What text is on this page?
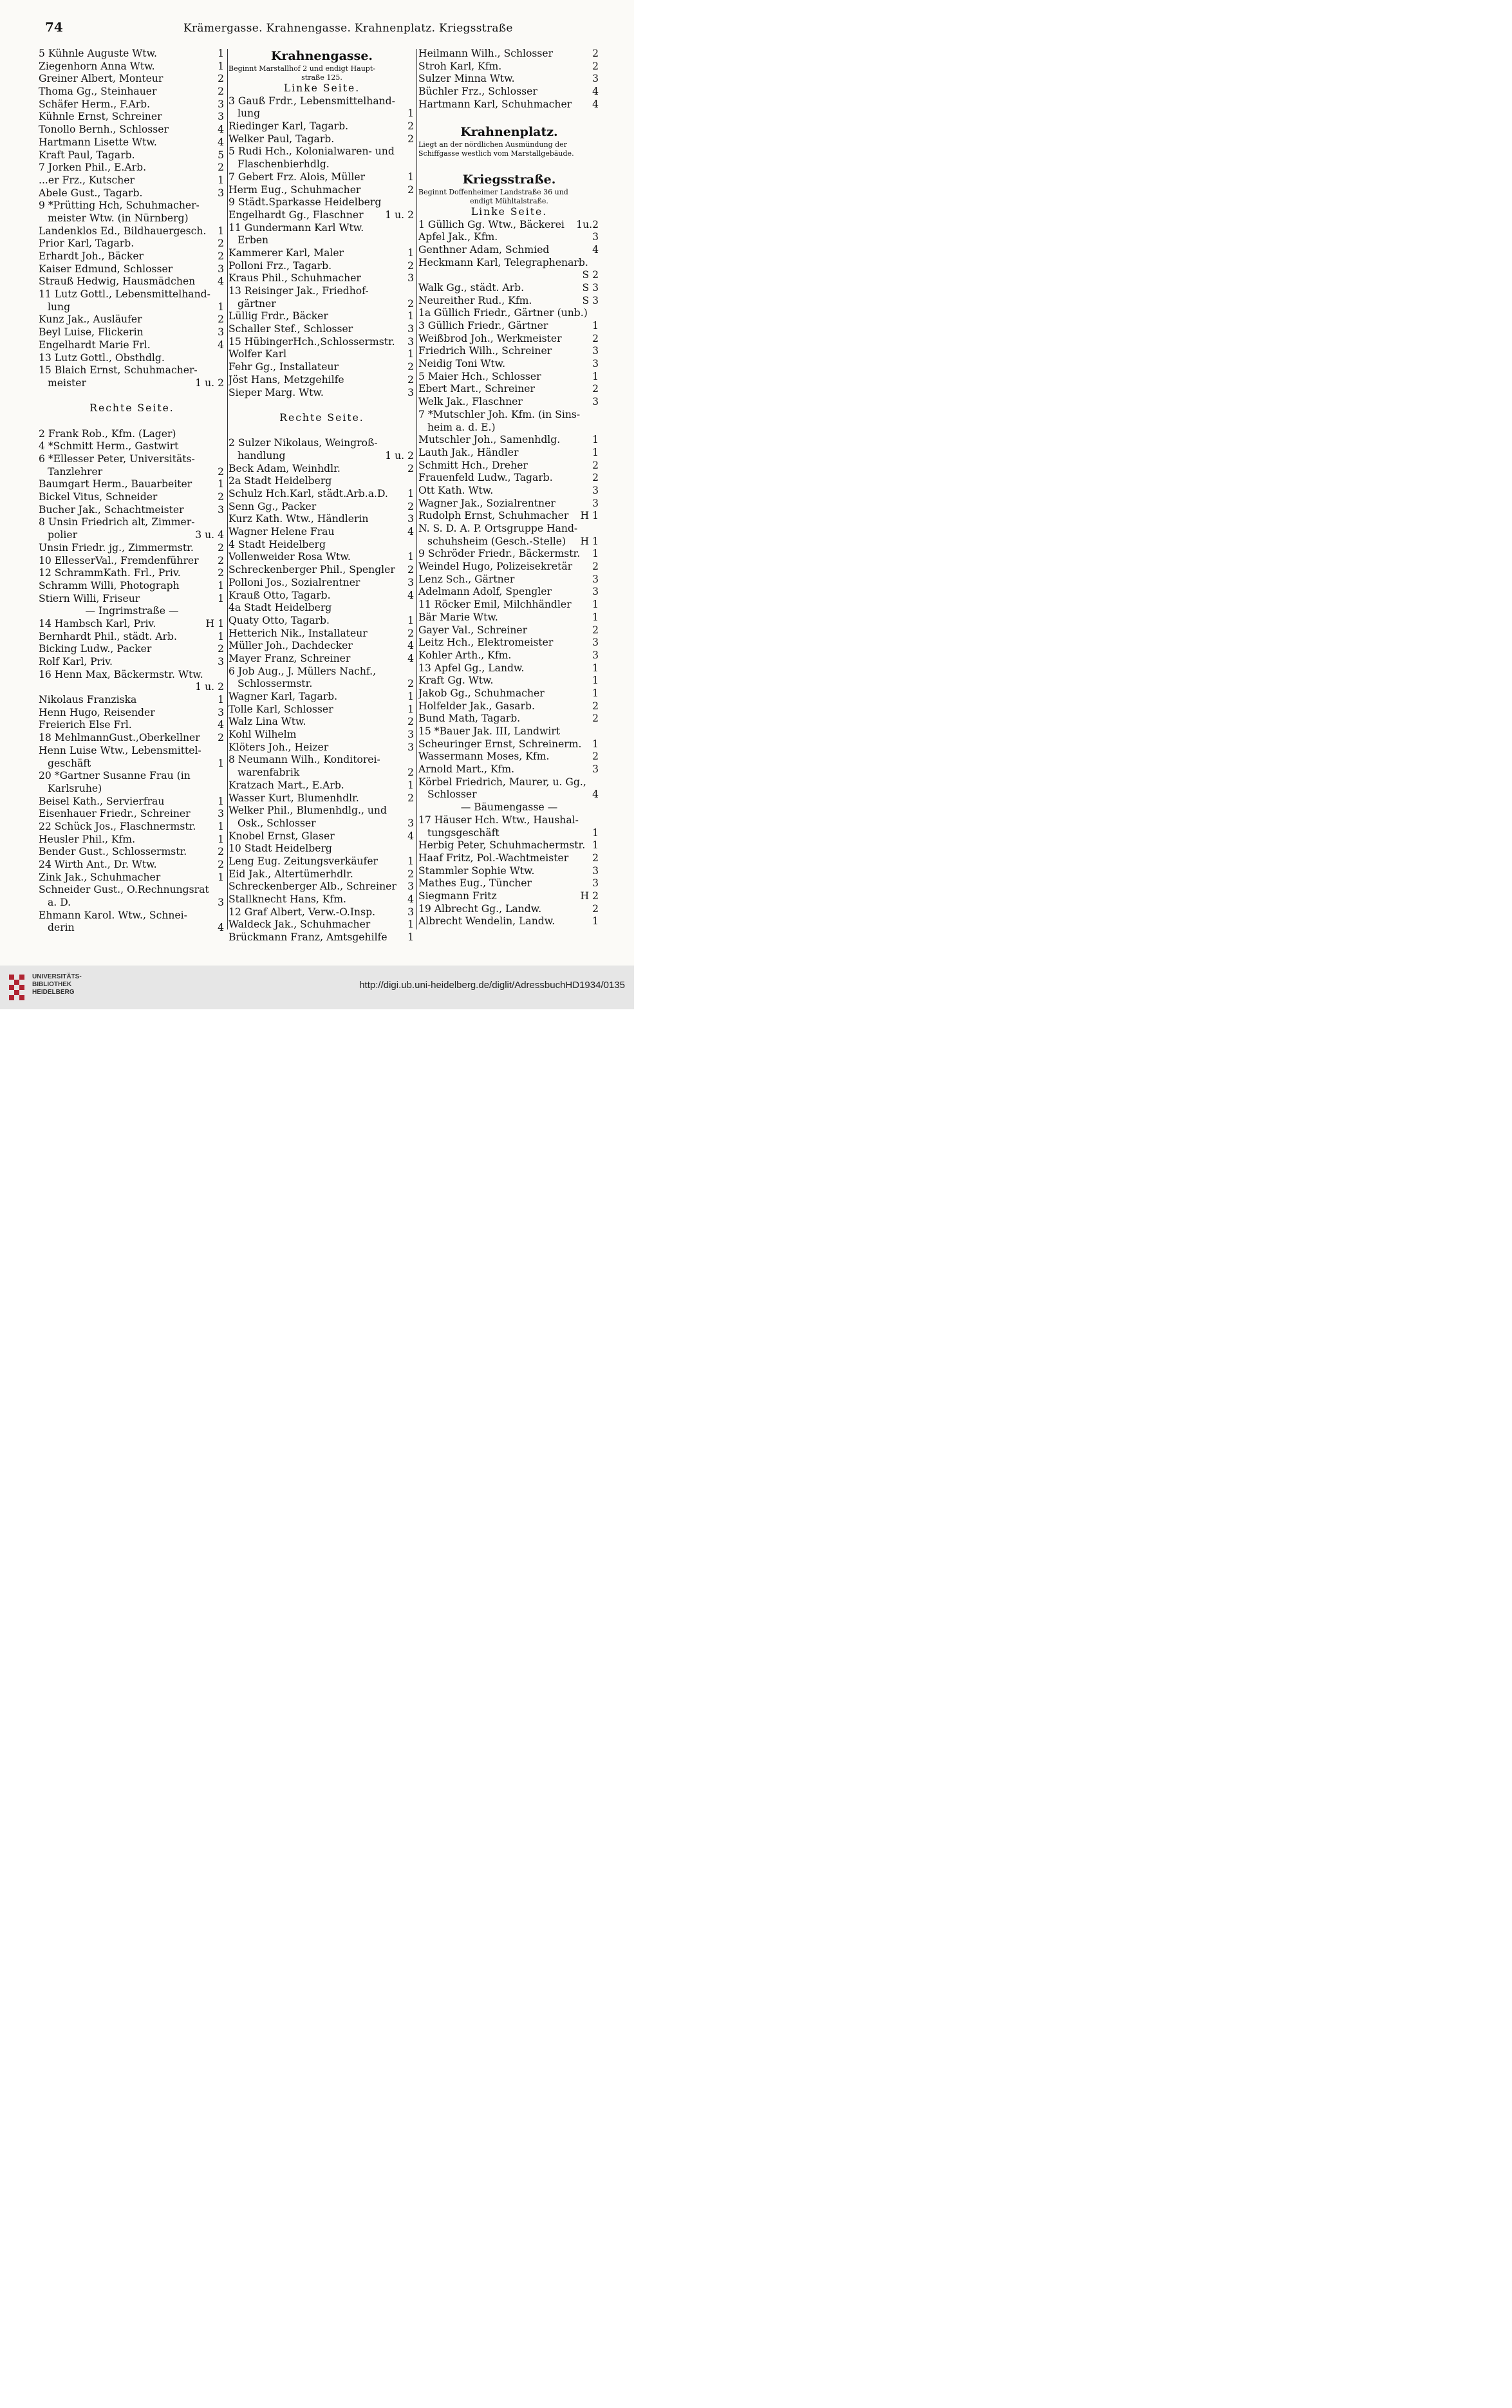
74	Krämergasse. Krahnengasse. Krahnenplatz. Kriegsstraße
5 Kühnle Auguste Wtw.	1
Ziegenhorn Anna Wtw.	1
Greiner Albert, Monteur	2
Thoma Gg., Steinhauer	2
Schäfer Herm., F.Arb.	3
Kühnle Ernst, Schreiner	3
Tonollo Bernh., Schlosser	4
Hartmann Lisette Wtw.	4
Kraft Paul, Tagarb.	5
7 Jorken Phil., E.Arb.	2
...er Frz., Kutscher	1
Abele Gust., Tagarb.	3
9 *Prütting Hch, Schuhmacher-
meister Wtw. (in Nürnberg)
Landenklos Ed., Bildhauergesch.	1
Prior Karl, Tagarb.	2
Erhardt Joh., Bäcker	2
Kaiser Edmund, Schlosser	3
Strauß Hedwig, Hausmädchen	4
11 Lutz Gottl., Lebensmittelhand-
lung	1
Kunz Jak., Ausläufer	2
Beyl Luise, Flickerin	3
Engelhardt Marie Frl.	4
13 Lutz Gottl., Obsthdlg.
15 Blaich Ernst, Schuhmacher-
meister	1 u. 2
Rechte Seite.
2 Frank Rob., Kfm. (Lager)
4 *Schmitt Herm., Gastwirt
6 *Ellesser Peter, Universitäts-
Tanzlehrer	2
Baumgart Herm., Bauarbeiter	1
Bickel Vitus, Schneider	2
Bucher Jak., Schachtmeister	3
8 Unsin Friedrich alt, Zimmer-
polier	3 u. 4
Unsin Friedr. jg., Zimmermstr.	2
10 EllesserVal., Fremdenführer	2
12 SchrammKath. Frl., Priv.	2
Schramm Willi, Photograph	1
Stiern Willi, Friseur	1
— Ingrimstraße —
14 Hambsch Karl, Priv.	H 1
Bernhardt Phil., städt. Arb.	1
Bicking Ludw., Packer	2
Rolf Karl, Priv.	3
16 Henn Max, Bäckermstr. Wtw.
1 u. 2
Nikolaus Franziska	1
Henn Hugo, Reisender	3
Freierich Else Frl.	4
18 MehlmannGust.,Oberkellner	2
Henn Luise Wtw., Lebensmittel-
geschäft	1
20 *Gartner Susanne Frau (in
Karlsruhe)
Beisel Kath., Servierfrau	1
Eisenhauer Friedr., Schreiner	3
22 Schück Jos., Flaschnermstr.	1
Heusler Phil., Kfm.	1
Bender Gust., Schlossermstr.	2
24 Wirth Ant., Dr. Wtw.	2
Zink Jak., Schuhmacher	1
Schneider Gust., O.Rechnungsrat
a. D.	3
Ehmann Karol. Wtw., Schnei-
derin	4
Krahnengasse.
Beginnt Marstallhof 2 und endigt Haupt-
straße 125.
Linke Seite.
3 Gauß Frdr., Lebensmittelhand-
lung	1
Riedinger Karl, Tagarb.	2
Welker Paul, Tagarb.	2
5 Rudi Hch., Kolonialwaren- und
Flaschenbierhdlg.
7 Gebert Frz. Alois, Müller	1
Herm Eug., Schuhmacher	2
9 Städt.Sparkasse Heidelberg
Engelhardt Gg., Flaschner	1 u. 2
11 Gundermann Karl Wtw.
Erben
Kammerer Karl, Maler	1
Polloni Frz., Tagarb.	2
Kraus Phil., Schuhmacher	3
13 Reisinger Jak., Friedhof-
gärtner	2
Lüllig Frdr., Bäcker	1
Schaller Stef., Schlosser	3
15 HübingerHch.,Schlossermstr.	3
Wolfer Karl	1
Fehr Gg., Installateur	2
Jöst Hans, Metzgehilfe	2
Sieper Marg. Wtw.	3
Rechte Seite.
2 Sulzer Nikolaus, Weingroß-
handlung	1 u. 2
Beck Adam, Weinhdlr.	2
2a Stadt Heidelberg
Schulz Hch.Karl, städt.Arb.a.D.	1
Senn Gg., Packer	2
Kurz Kath. Wtw., Händlerin	3
Wagner Helene Frau	4
4 Stadt Heidelberg
Vollenweider Rosa Wtw.	1
Schreckenberger Phil., Spengler	2
Polloni Jos., Sozialrentner	3
Krauß Otto, Tagarb.	4
4a Stadt Heidelberg
Quaty Otto, Tagarb.	1
Hetterich Nik., Installateur	2
Müller Joh., Dachdecker	4
Mayer Franz, Schreiner	4
6 Job Aug., J. Müllers Nachf.,
Schlossermstr.	2
Wagner Karl, Tagarb.	1
Tolle Karl, Schlosser	1
Walz Lina Wtw.	2
Kohl Wilhelm	3
Klöters Joh., Heizer	3
8 Neumann Wilh., Konditorei-
warenfabrik	2
Kratzach Mart., E.Arb.	1
Wasser Kurt, Blumenhdlr.	2
Welker Phil., Blumenhdlg., und
Osk., Schlosser	3
Knobel Ernst, Glaser	4
10 Stadt Heidelberg
Leng Eug. Zeitungsverkäufer	1
Eid Jak., Altertümerhdlr.	2
Schreckenberger Alb., Schreiner	3
Stallknecht Hans, Kfm.	4
12 Graf Albert, Verw.-O.Insp.	3
Waldeck Jak., Schuhmacher	1
Brückmann Franz, Amtsgehilfe	1
Heilmann Wilh., Schlosser	2
Stroh Karl, Kfm.	2
Sulzer Minna Wtw.	3
Büchler Frz., Schlosser	4
Hartmann Karl, Schuhmacher	4
Krahnenplatz.
Liegt an der nördlichen Ausmündung der
Schiffgasse westlich vom Marstallgebäude.
Kriegsstraße.
Beginnt Doffenheimer Landstraße 36 und
endigt Mühltalstraße.
Linke Seite.
1 Güllich Gg. Wtw., Bäckerei	1u.2
Apfel Jak., Kfm.	3
Genthner Adam, Schmied	4
Heckmann Karl, Telegraphenarb.
S 2
Walk Gg., städt. Arb.	S 3
Neureither Rud., Kfm.	S 3
1a Güllich Friedr., Gärtner (unb.)
3 Güllich Friedr., Gärtner	1
Weißbrod Joh., Werkmeister	2
Friedrich Wilh., Schreiner	3
Neidig Toni Wtw.	3
5 Maier Hch., Schlosser	1
Ebert Mart., Schreiner	2
Welk Jak., Flaschner	3
7 *Mutschler Joh. Kfm. (in Sins-
heim a. d. E.)
Mutschler Joh., Samenhdlg.	1
Lauth Jak., Händler	1
Schmitt Hch., Dreher	2
Frauenfeld Ludw., Tagarb.	2
Ott Kath. Wtw.	3
Wagner Jak., Sozialrentner	3
Rudolph Ernst, Schuhmacher	H 1
N. S. D. A. P. Ortsgruppe Hand-
schuhsheim (Gesch.-Stelle)	H 1
9 Schröder Friedr., Bäckermstr.	1
Weindel Hugo, Polizeisekretär	2
Lenz Sch., Gärtner	3
Adelmann Adolf, Spengler	3
11 Röcker Emil, Milchhändler	1
Bär Marie Wtw.	1
Gayer Val., Schreiner	2
Leitz Hch., Elektromeister	3
Kohler Arth., Kfm.	3
13 Apfel Gg., Landw.	1
Kraft Gg. Wtw.	1
Jakob Gg., Schuhmacher	1
Holfelder Jak., Gasarb.	2
Bund Math, Tagarb.	2
15 *Bauer Jak. III, Landwirt
Scheuringer Ernst, Schreinerm.	1
Wassermann Moses, Kfm.	2
Arnold Mart., Kfm.	3
Körbel Friedrich, Maurer, u. Gg.,
Schlosser	4
— Bäumengasse —
17 Häuser Hch. Wtw., Haushal-
tungsgeschäft	1
Herbig Peter, Schuhmachermstr. 1
Haaf Fritz, Pol.-Wachtmeister	2
Stammler Sophie Wtw.	3
Mathes Eug., Tüncher	3
Siegmann Fritz	H 2
19 Albrecht Gg., Landw.	2
Albrecht Wendelin, Landw.	1
UNIVERSITÄTS-
BIBLIOTHEK
HEIDELBERG
http://digi.ub.uni-heidelberg.de/diglit/AdressbuchHD1934/0135
